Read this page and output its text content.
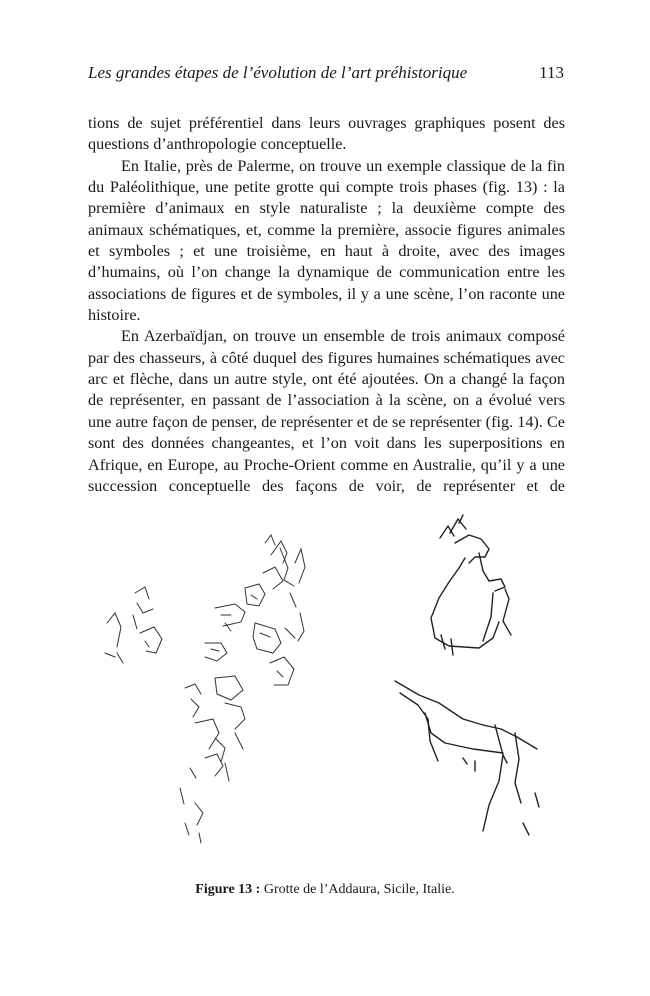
Les grandes étapes de l’évolution de l’art préhistorique	113

tions de sujet préférentiel dans leurs ouvrages graphiques posent des questions d’anthropologie conceptuelle.

En Italie, près de Palerme, on trouve un exemple classique de la fin du Paléolithique, une petite grotte qui compte trois phases (fig. 13) : la première d’animaux en style naturaliste ; la deuxième compte des animaux schématiques, et, comme la première, associe figures animales et symboles ; et une troisième, en haut à droite, avec des images d’humains, où l’on change la dynamique de communication entre les associations de figures et de symboles, il y a une scène, l’on raconte une histoire.

En Azerbaïdjan, on trouve un ensemble de trois animaux composé par des chasseurs, à côté duquel des figures humaines schématiques avec arc et flèche, dans un autre style, ont été ajoutées. On a changé la façon de représenter, en passant de l’association à la scène, on a évolué vers une autre façon de penser, de représenter et de se représenter (fig. 14). Ce sont des données changeantes, et l’on voit dans les superpositions en Afrique, en Europe, au Proche-Orient comme en Australie, qu’il y a une succession conceptuelle des façons de voir, de représenter et de

Figure 13 : Grotte de l’Addaura, Sicile, Italie.
